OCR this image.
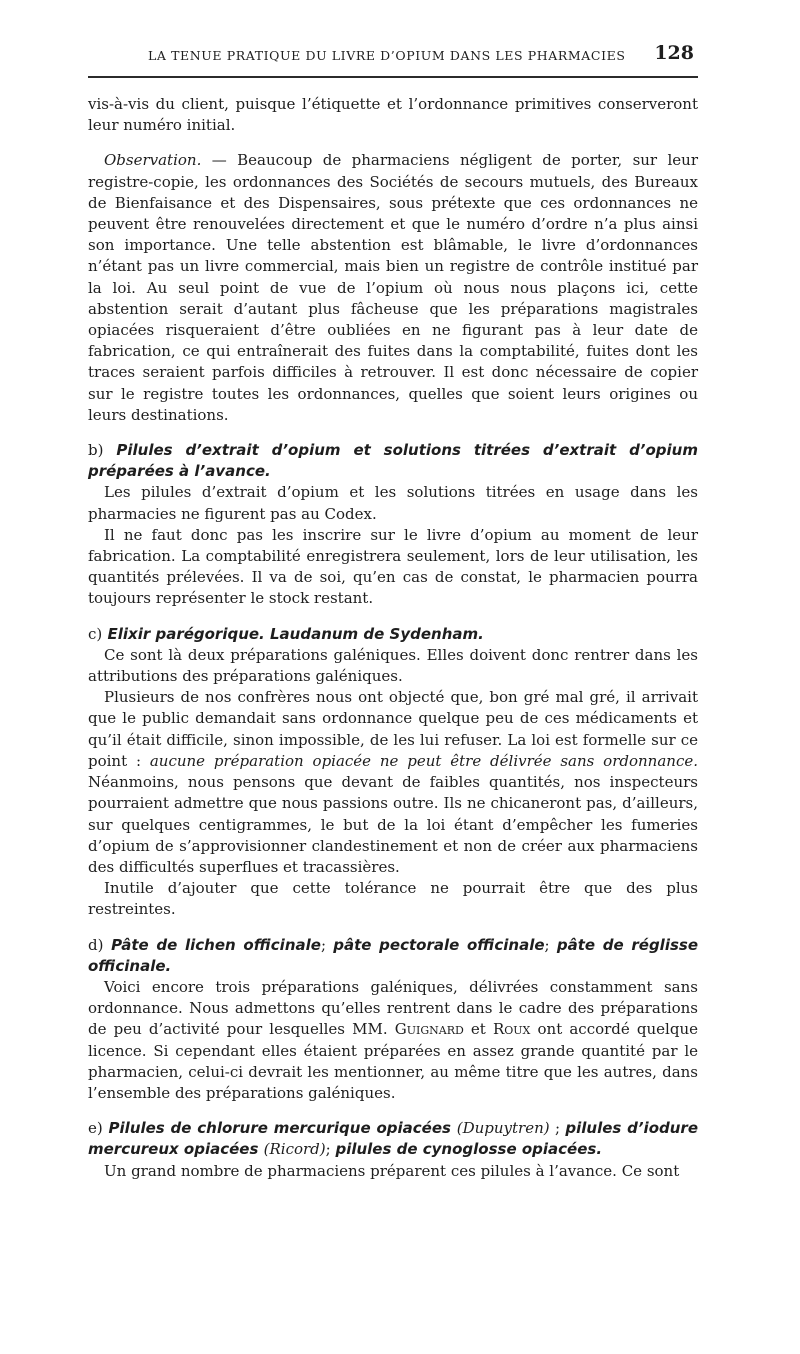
LA TENUE PRATIQUE DU LIVRE D’OPIUM DANS LES PHARMACIES 128

vis-à-vis du client, puisque l’étiquette et l’ordonnance primitives conserveront leur numéro initial.

Observation. — Beaucoup de pharmaciens négligent de porter, sur leur registre-copie, les ordonnances des Sociétés de secours mutuels, des Bureaux de Bienfaisance et des Dispensaires, sous prétexte que ces ordonnances ne peuvent être renouvelées directement et que le numéro d’ordre n’a plus ainsi son importance. Une telle abstention est blâmable, le livre d’ordonnances n’étant pas un livre commercial, mais bien un registre de contrôle institué par la loi. Au seul point de vue de l’opium où nous nous plaçons ici, cette abstention serait d’autant plus fâcheuse que les préparations magistrales opiacées risqueraient d’être oubliées en ne figurant pas à leur date de fabrication, ce qui entraînerait des fuites dans la comptabilité, fuites dont les traces seraient parfois difficiles à retrouver. Il est donc nécessaire de copier sur le registre toutes les ordonnances, quelles que soient leurs origines ou leurs destinations.

b) Pilules d’extrait d’opium et solutions titrées d’extrait d’opium préparées à l’avance.

Les pilules d’extrait d’opium et les solutions titrées en usage dans les pharmacies ne figurent pas au Codex.

Il ne faut donc pas les inscrire sur le livre d’opium au moment de leur fabrication. La comptabilité enregistrera seulement, lors de leur utilisation, les quantités prélevées. Il va de soi, qu’en cas de constat, le pharmacien pourra toujours représenter le stock restant.

c) Elixir parégorique. Laudanum de Sydenham.

Ce sont là deux préparations galéniques. Elles doivent donc rentrer dans les attributions des préparations galéniques.

Plusieurs de nos confrères nous ont objecté que, bon gré mal gré, il arrivait que le public demandait sans ordonnance quelque peu de ces médicaments et qu’il était difficile, sinon impossible, de les lui refuser. La loi est formelle sur ce point : aucune préparation opiacée ne peut être délivrée sans ordonnance. Néanmoins, nous pensons que devant de faibles quantités, nos inspecteurs pourraient admettre que nous passions outre. Ils ne chicaneront pas, d’ailleurs, sur quelques centigrammes, le but de la loi étant d’empêcher les fumeries d’opium de s’approvisionner clandestinement et non de créer aux pharmaciens des difficultés superflues et tracassières.

Inutile d’ajouter que cette tolérance ne pourrait être que des plus restreintes.

d) Pâte de lichen officinale; pâte pectorale officinale; pâte de réglisse officinale.

Voici encore trois préparations galéniques, délivrées constamment sans ordonnance. Nous admettons qu’elles rentrent dans le cadre des préparations de peu d’activité pour lesquelles MM. Guignard et Roux ont accordé quelque licence. Si cependant elles étaient préparées en assez grande quantité par le pharmacien, celui-ci devrait les mentionner, au même titre que les autres, dans l’ensemble des préparations galéniques.

e) Pilules de chlorure mercurique opiacées (Dupuytren) ; pilules d’iodure mercureux opiacées (Ricord); pilules de cynoglosse opiacées.

Un grand nombre de pharmaciens préparent ces pilules à l’avance. Ce sont
